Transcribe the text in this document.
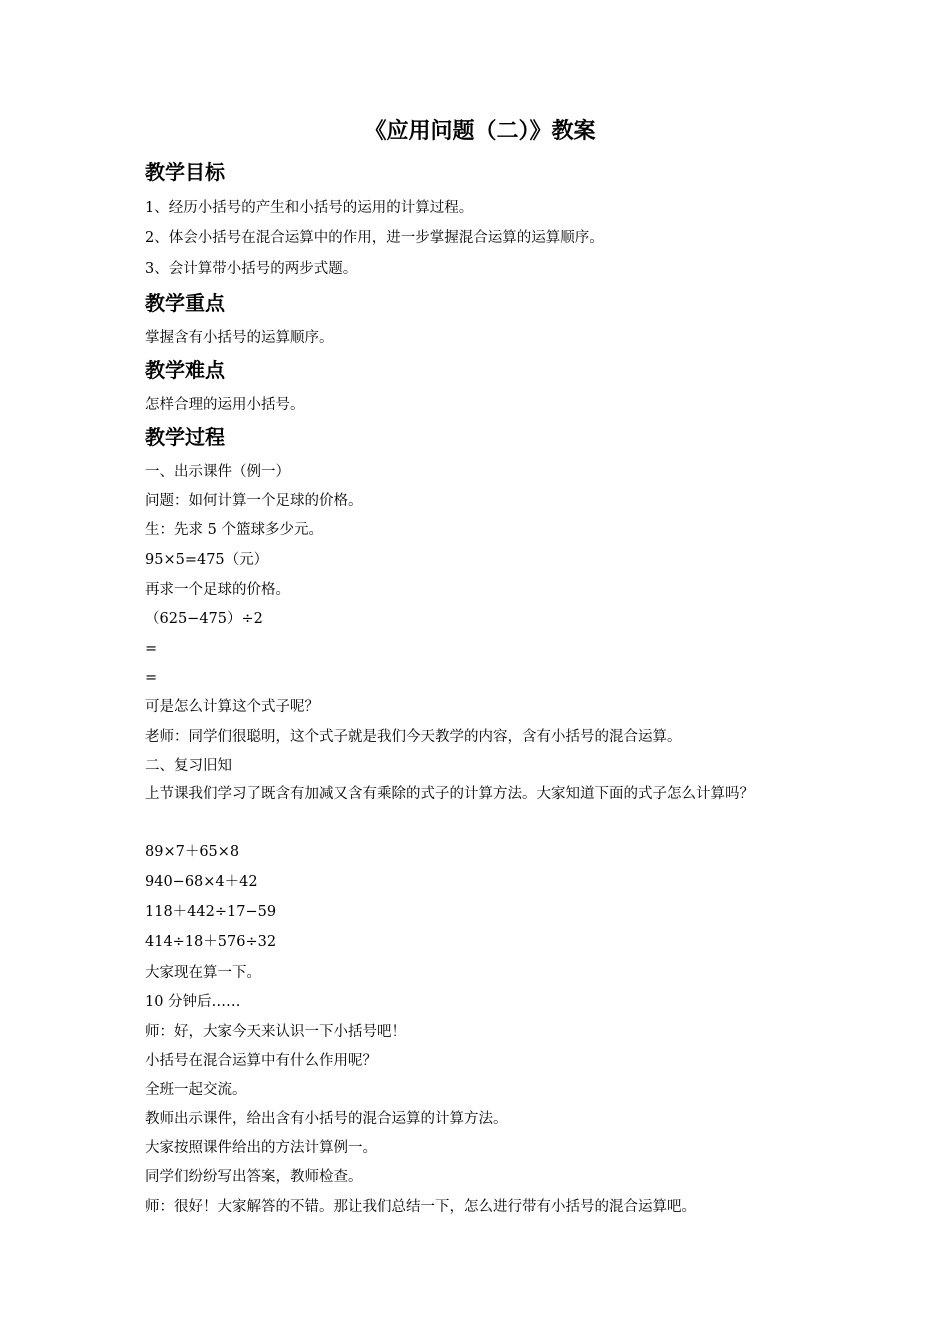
《应用问题（二）》教案
教学目标
1、经历小括号的产生和小括号的运用的计算过程。
2、体会小括号在混合运算中的作用，进一步掌握混合运算的运算顺序。
3、会计算带小括号的两步式题。
教学重点
掌握含有小括号的运算顺序。
教学难点
怎样合理的运用小括号。
教学过程
一、出示课件（例一）
问题：如何计算一个足球的价格。
生：先求 5 个篮球多少元。
95×5=475（元）
再求一个足球的价格。
（625−475）÷2
=
=
可是怎么计算这个式子呢？
老师：同学们很聪明，这个式子就是我们今天教学的内容，含有小括号的混合运算。
二、复习旧知
上节课我们学习了既含有加减又含有乘除的式子的计算方法。大家知道下面的式子怎么计算吗？
89×7＋65×8
940−68×4＋42
118＋442÷17−59
414÷18＋576÷32
大家现在算一下。
10 分钟后……
师：好，大家今天来认识一下小括号吧！
小括号在混合运算中有什么作用呢？
全班一起交流。
教师出示课件，给出含有小括号的混合运算的计算方法。
大家按照课件给出的方法计算例一。
同学们纷纷写出答案，教师检查。
师：很好！大家解答的不错。那让我们总结一下，怎么进行带有小括号的混合运算吧。
